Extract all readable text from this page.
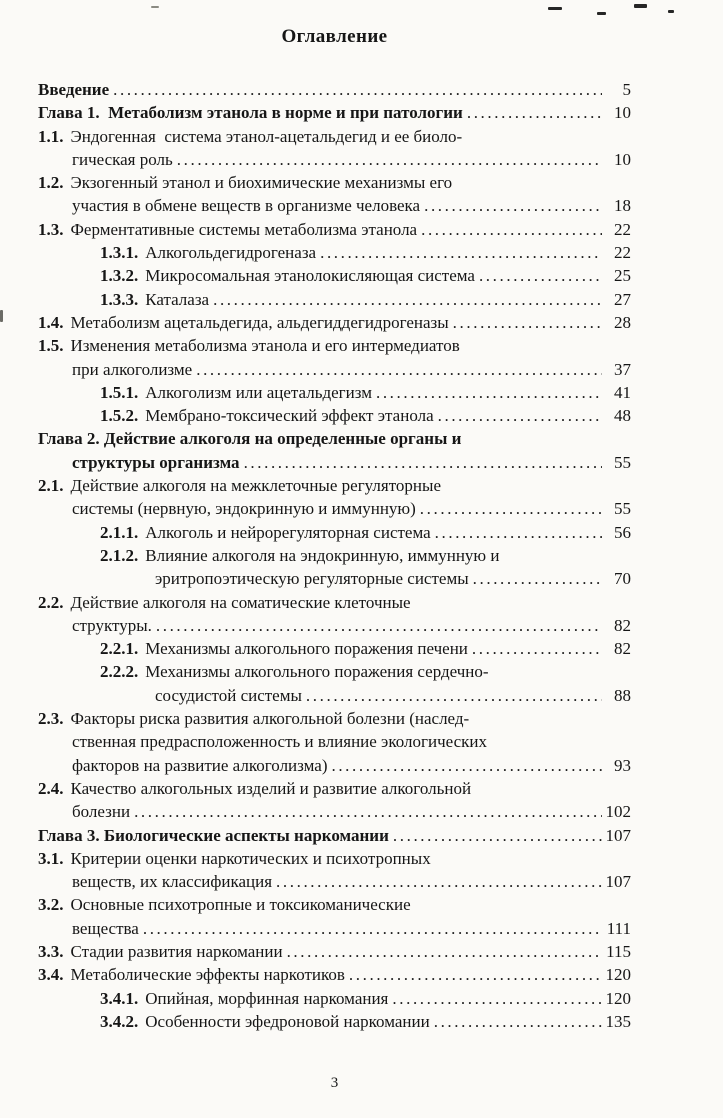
Оглавление
Введение .....	5
Глава 1.  Метаболизм этанола в норме и при патологии .....	10
1.1. Эндогенная  система этанол-ацетальдегид и ее биоло-
гическая роль .....	10
1.2. Экзогенный этанол и биохимические механизмы его
участия в обмене веществ в организме человека .....	18
1.3. Ферментативные системы метаболизма этанола .....	22
1.3.1. Алкогольдегидрогеназа .....	22
1.3.2. Микросомальная этанолокисляющая система .....	25
1.3.3. Каталаза .....	27
1.4. Метаболизм ацетальдегида, альдегиддегидрогеназы .....	28
1.5. Изменения метаболизма этанола и его интермедиатов
при алкоголизме .....	37
1.5.1. Алкоголизм или ацетальдегизм .....	41
1.5.2. Мембрано-токсический эффект этанола .....	48
Глава 2. Действие алкоголя на определенные органы и
структуры организма .....	55
2.1. Действие алкоголя на межклеточные регуляторные
системы (нервную, эндокринную и иммунную) .....	55
2.1.1. Алкоголь и нейрорегуляторная система .....	56
2.1.2. Влияние алкоголя на эндокринную, иммунную и
эритропоэтическую регуляторные системы .....	70
2.2. Действие алкоголя на соматические клеточные
структуры. .....	82
2.2.1. Механизмы алкогольного поражения печени .....	82
2.2.2. Механизмы алкогольного поражения сердечно-
сосудистой системы .....	88
2.3. Факторы риска развития алкогольной болезни (наслед-
ственная предрасположенность и влияние экологических
факторов на развитие алкоголизма) .....	93
2.4. Качество алкогольных изделий и развитие алкогольной
болезни .....	102
Глава 3. Биологические аспекты наркомании .....	107
3.1. Критерии оценки наркотических и психотропных
веществ, их классификация .....	107
3.2. Основные психотропные и токсикоманические
вещества .....	111
3.3. Стадии развития наркомании .....	115
3.4. Метаболические эффекты наркотиков .....	120
3.4.1. Опийная, морфинная наркомания .....	120
3.4.2. Особенности эфедроновой наркомании .....	135
3
